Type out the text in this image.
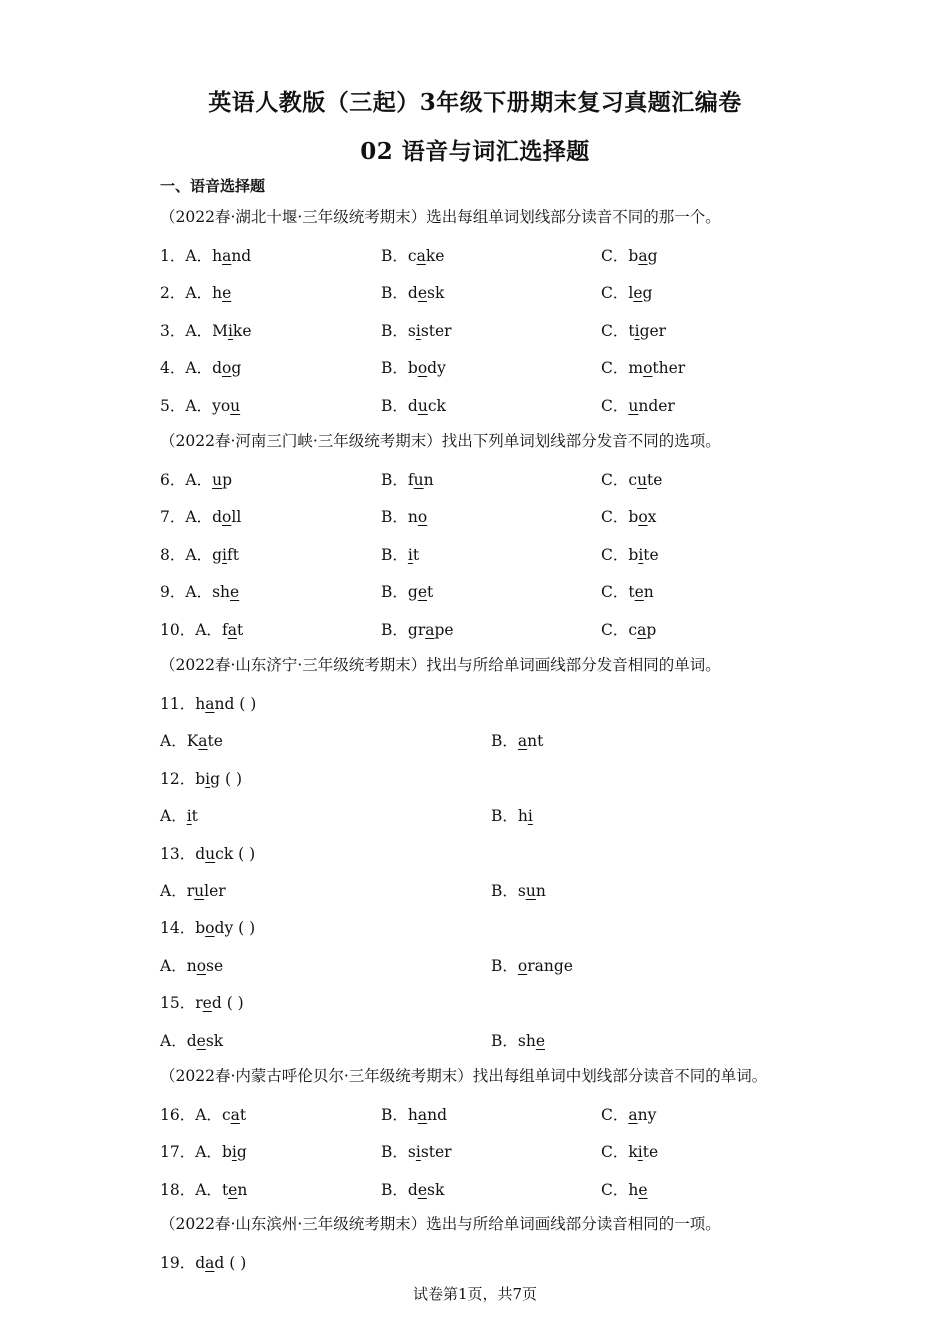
英语人教版（三起）3年级下册期末复习真题汇编卷
02 语音与词汇选择题
一、语音选择题
（2022春·湖北十堰·三年级统考期末）选出每组单词划线部分读音不同的那一个。
1．A．hand	B．cake	C．bag
2．A．he	B．desk	C．leg
3．A．Mike	B．sister	C．tiger
4．A．dog	B．body	C．mother
5．A．you	B．duck	C．under
（2022春·河南三门峡·三年级统考期末）找出下列单词划线部分发音不同的选项。
6．A．up	B．fun	C．cute
7．A．doll	B．no	C．box
8．A．gift	B．it	C．bite
9．A．she	B．get	C．ten
10．A．fat	B．grape	C．cap
（2022春·山东济宁·三年级统考期末）找出与所给单词画线部分发音相同的单词。
11．hand ( )
A．Kate	B．ant
12．big ( )
A．it	B．hi
13．duck ( )
A．ruler	B．sun
14．body ( )
A．nose	B．orange
15．red ( )
A．desk	B．she
（2022春·内蒙古呼伦贝尔·三年级统考期末）找出每组单词中划线部分读音不同的单词。
16．A．cat	B．hand	C．any
17．A．big	B．sister	C．kite
18．A．ten	B．desk	C．he
（2022春·山东滨州·三年级统考期末）选出与所给单词画线部分读音相同的一项。
19．dad ( )
试卷第1页，共7页
